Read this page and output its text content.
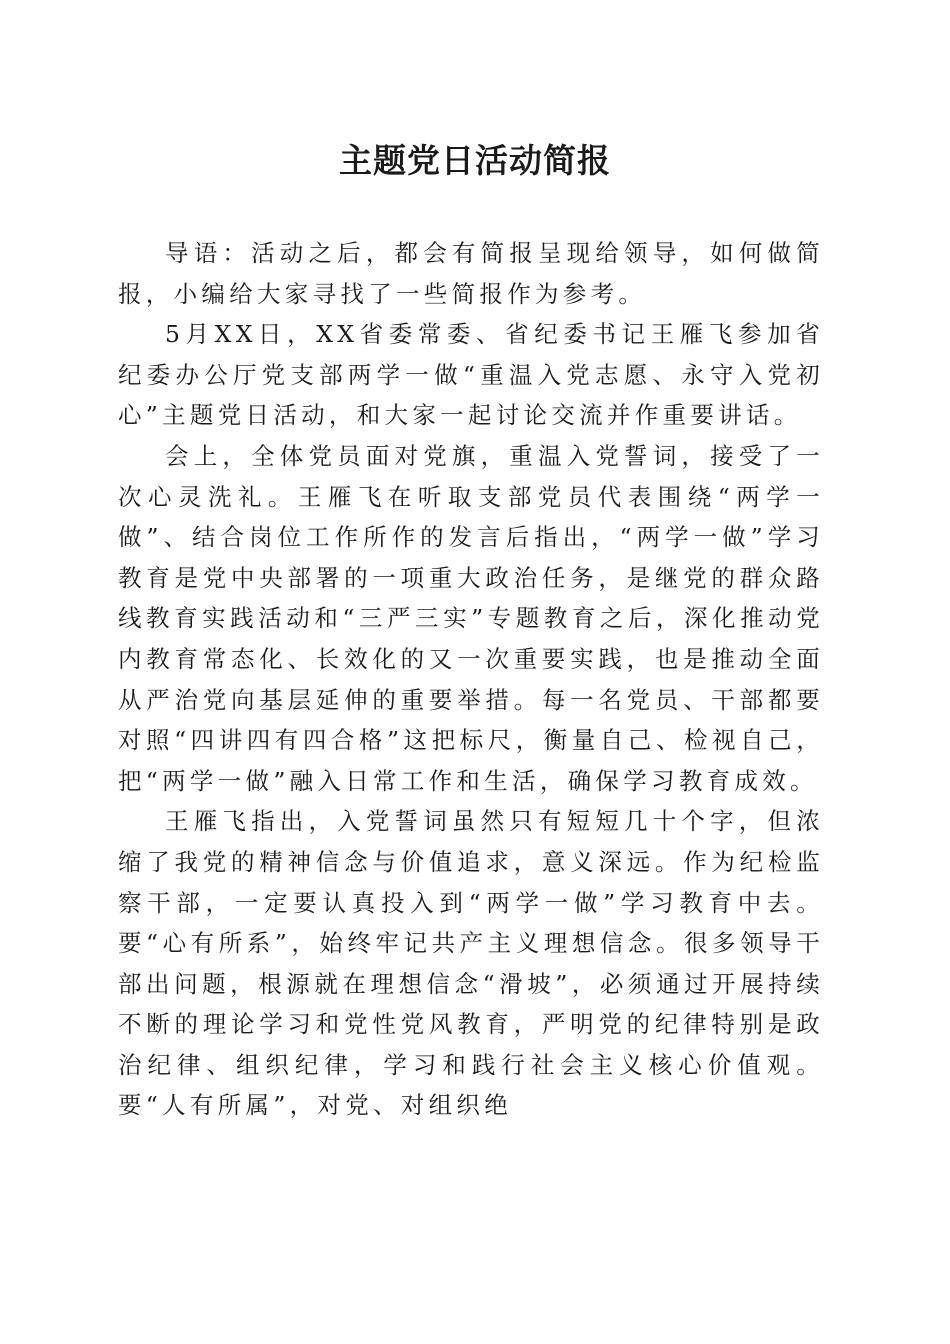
主题党日活动简报

导语：活动之后，都会有简报呈现给领导，如何做简报，小编给大家寻找了一些简报作为参考。

5月XX日，XX省委常委、省纪委书记王雁飞参加省纪委办公厅党支部两学一做“重温入党志愿、永守入党初心”主题党日活动，和大家一起讨论交流并作重要讲话。

会上，全体党员面对党旗，重温入党誓词，接受了一次心灵洗礼。王雁飞在听取支部党员代表围绕“两学一做”、结合岗位工作所作的发言后指出，“两学一做”学习教育是党中央部署的一项重大政治任务，是继党的群众路线教育实践活动和“三严三实”专题教育之后，深化推动党内教育常态化、长效化的又一次重要实践，也是推动全面从严治党向基层延伸的重要举措。每一名党员、干部都要对照“四讲四有四合格”这把标尺，衡量自己、检视自己，把“两学一做”融入日常工作和生活，确保学习教育成效。

王雁飞指出，入党誓词虽然只有短短几十个字，但浓缩了我党的精神信念与价值追求，意义深远。作为纪检监察干部，一定要认真投入到“两学一做”学习教育中去。要“心有所系”，始终牢记共产主义理想信念。很多领导干部出问题，根源就在理想信念“滑坡”，必须通过开展持续不断的理论学习和党性党风教育，严明党的纪律特别是政治纪律、组织纪律，学习和践行社会主义核心价值观。要“人有所属”，对党、对组织绝
